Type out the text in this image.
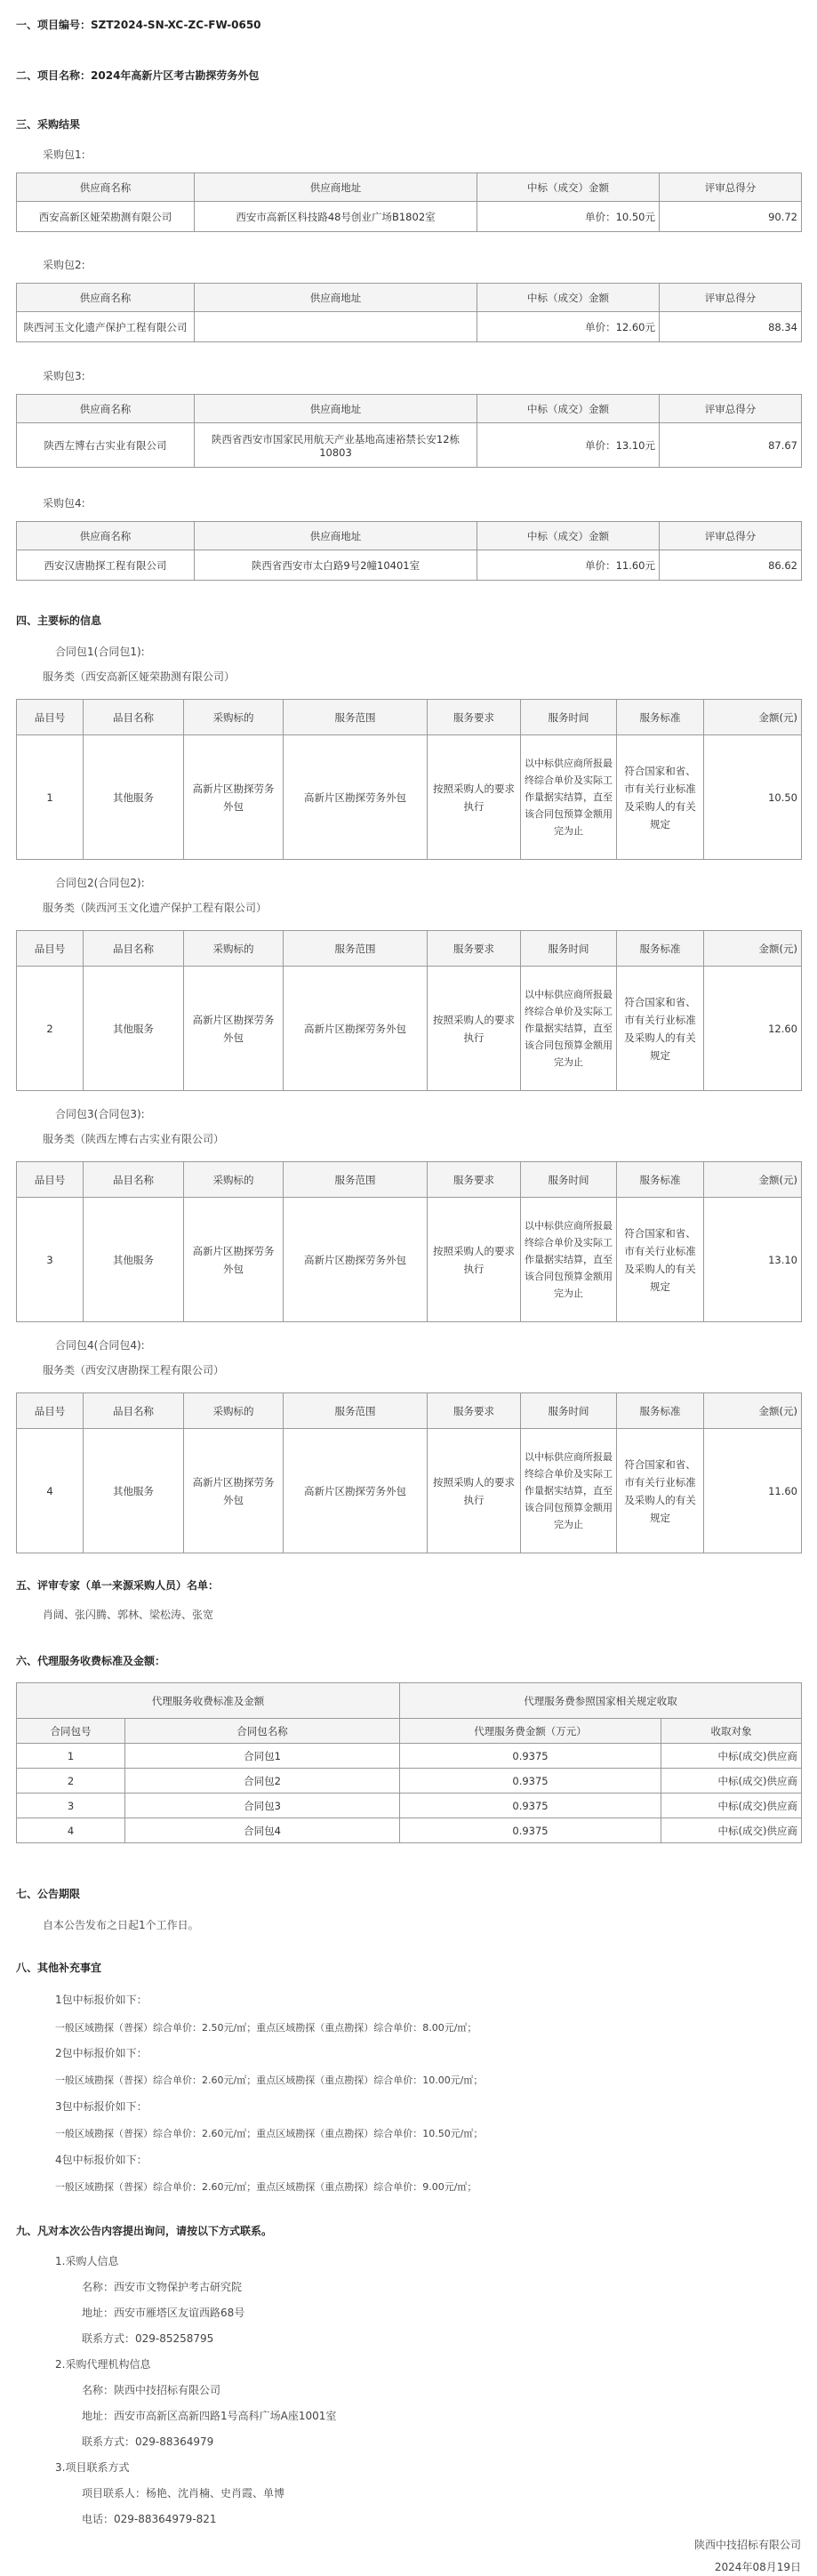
一、项目编号：SZT2024-SN-XC-ZC-FW-0650
二、项目名称：2024年高新片区考古勘探劳务外包
三、采购结果
采购包1:
供应商名称	供应商地址	中标（成交）金额	评审总得分
西安高新区娅荣勘测有限公司	西安市高新区科技路48号创业广场B1802室	单价：10.50元	90.72
采购包2:
供应商名称	供应商地址	中标（成交）金额	评审总得分
陕西河玉文化遗产保护工程有限公司		单价：12.60元	88.34
采购包3:
供应商名称	供应商地址	中标（成交）金额	评审总得分
陕西左博右古实业有限公司	陕西省西安市国家民用航天产业基地高速裕禁长安12栋10803	单价：13.10元	87.67
采购包4:
供应商名称	供应商地址	中标（成交）金额	评审总得分
西安汉唐勘探工程有限公司	陕西省西安市太白路9号2幢10401室	单价：11.60元	86.62
四、主要标的信息
合同包1(合同包1):
服务类（西安高新区娅荣勘测有限公司）
品目号	品目名称	采购标的	服务范围	服务要求	服务时间	服务标准	金额(元)
1	其他服务	高新片区勘探劳务外包	高新片区勘探劳务外包	按照采购人的要求执行	以中标供应商所报最终综合单价及实际工作量据实结算，直至该合同包预算金额用完为止	符合国家和省、市有关行业标准及采购人的有关规定	10.50
合同包2(合同包2):
服务类（陕西河玉文化遗产保护工程有限公司）
品目号	品目名称	采购标的	服务范围	服务要求	服务时间	服务标准	金额(元)
2	其他服务	高新片区勘探劳务外包	高新片区勘探劳务外包	按照采购人的要求执行	以中标供应商所报最终综合单价及实际工作量据实结算，直至该合同包预算金额用完为止	符合国家和省、市有关行业标准及采购人的有关规定	12.60
合同包3(合同包3):
服务类（陕西左博右古实业有限公司）
品目号	品目名称	采购标的	服务范围	服务要求	服务时间	服务标准	金额(元)
3	其他服务	高新片区勘探劳务外包	高新片区勘探劳务外包	按照采购人的要求执行	以中标供应商所报最终综合单价及实际工作量据实结算，直至该合同包预算金额用完为止	符合国家和省、市有关行业标准及采购人的有关规定	13.10
合同包4(合同包4):
服务类（西安汉唐勘探工程有限公司）
品目号	品目名称	采购标的	服务范围	服务要求	服务时间	服务标准	金额(元)
4	其他服务	高新片区勘探劳务外包	高新片区勘探劳务外包	按照采购人的要求执行	以中标供应商所报最终综合单价及实际工作量据实结算，直至该合同包预算金额用完为止	符合国家和省、市有关行业标准及采购人的有关规定	11.60
五、评审专家（单一来源采购人员）名单：
肖阔、张闪腾、郭林、梁松涛、张宽
六、代理服务收费标准及金额：
代理服务收费标准及金额		代理服务费参照国家相关规定收取	
合同包号	合同包名称	代理服务费金额（万元）	收取对象
1	合同包1	0.9375	中标(成交)供应商
2	合同包2	0.9375	中标(成交)供应商
3	合同包3	0.9375	中标(成交)供应商
4	合同包4	0.9375	中标(成交)供应商
七、公告期限
自本公告发布之日起1个工作日。
八、其他补充事宜
1包中标报价如下：
一般区域勘探（普探）综合单价：2.50元/㎡；重点区域勘探（重点勘探）综合单价：8.00元/㎡；
2包中标报价如下：
一般区域勘探（普探）综合单价：2.60元/㎡；重点区域勘探（重点勘探）综合单价：10.00元/㎡；
3包中标报价如下：
一般区域勘探（普探）综合单价：2.60元/㎡；重点区域勘探（重点勘探）综合单价：10.50元/㎡；
4包中标报价如下：
一般区域勘探（普探）综合单价：2.60元/㎡；重点区域勘探（重点勘探）综合单价：9.00元/㎡；
九、凡对本次公告内容提出询问，请按以下方式联系。
1.采购人信息
名称：西安市文物保护考古研究院
地址：西安市雁塔区友谊西路68号
联系方式：029-85258795
2.采购代理机构信息
名称：陕西中技招标有限公司
地址：西安市高新区高新四路1号高科广场A座1001室
联系方式：029-88364979
3.项目联系方式
项目联系人：杨艳、沈肖楠、史肖霞、单博
电话：029-88364979-821
陕西中技招标有限公司
2024年08月19日
